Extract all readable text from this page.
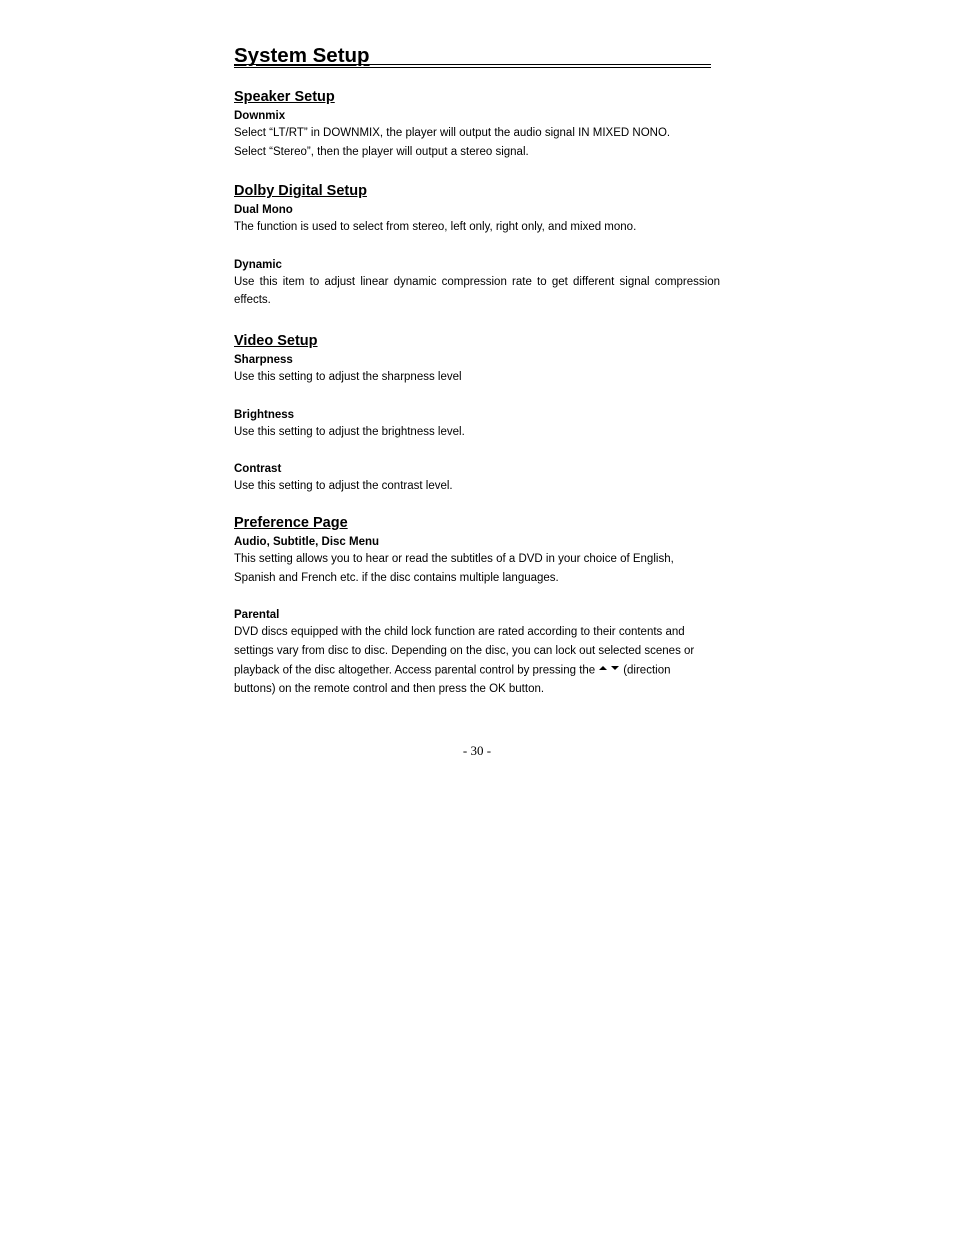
System Setup
Speaker Setup
Downmix

Select “LT/RT” in DOWNMIX, the player will output the audio signal IN MIXED NONO.

Select “Stereo”, then the player will output a stereo signal.

Dolby Digital Setup
Dual Mono

The function is used to select from stereo, left only, right only, and mixed mono.

Dynamic

Use this item to adjust linear dynamic compression rate to get different signal compression effects.

Video Setup
Sharpness

Use this setting to adjust the sharpness level

Brightness

Use this setting to adjust the brightness level.

Contrast

Use this setting to adjust the contrast level.

Preference Page
Audio, Subtitle, Disc Menu

This setting allows you to hear or read the subtitles of a DVD in your choice of English, Spanish and French etc. if the disc contains multiple languages.

Parental

DVD discs equipped with the child lock function are rated according to their contents and settings vary from disc to disc. Depending on the disc, you can lock out selected scenes or playback of the disc altogether. Access parental control by pressing the (direction buttons) on the remote control and then press the OK button.

- 30 -
